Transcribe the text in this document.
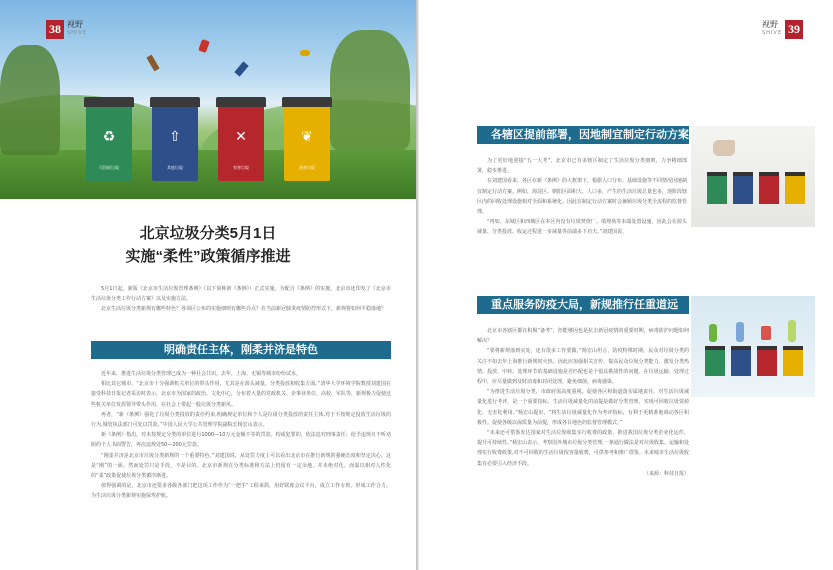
♻
可回收垃圾
⇧
其他垃圾
✕
有害垃圾
❦
厨余垃圾
38 视野
SHIVE
北京垃圾分类5月1日
实施“柔性”政策循序推进

5月1日起，新版《北京市生活垃圾管理条例》（以下简称新《条例》）正式实施。为配合《条例》的实施，北京市还印发了《北京市生活垃圾分类工作行动方案》以及实施方法。

北京生活垃圾分类新规有哪些特色？各项区公布的实施细则有哪些亮点？在当前新冠肺炎疫情防控形式下，新规将如何平稳落地？

明确责任主体，刚柔并济是特色

近年来，推进生活垃圾分类管理已成为一种社会共识。去年，上海、无锡等城市纷纷试水。

相比其它城市，“北京市十分强调机关单位的带头作用，尤其是在源头减量、分类投放和收集方面。”清华大学环境学院教授刘建国在接受科技日报记者采访时表示，北京市为国家的政治、文化中心，分布着大量的党政机关、企事业单位、高校、军队等，新规极力促使这些机关单位发挥领导带头作用，在社会上带起一股垃圾分类新风。

再者，“新《条例》强化了垃圾分类投放的责任约束,明确规定单位和个人是垃圾分类投放的责任主体,对于不按规定投放生活垃圾的行为,城管执法部门可处以罚款。”中国人民大学公共管理学院副院长杨宏山表示。

新《条例》指出，对未按规定分类的单位进行1000—10万元金额不等的罚款，构成犯罪的，依法追究刑事责任；给予违规且不听劝阻的个人书面警告，再次违规处50—200元罚款。

“刚柔并济是北京市垃圾分类新规的一个重要特色。”刘建国说，从处罚力度上可以看出北京市在推行新规的强硬态度和坚定决心。这是“刚”的一面。然而处罚只是手段，不是目的。北京市新规在分类标准和方法上仍留有一定余地，并未绝对化。而温以相对人性化的“柔”政策促使垃圾分类循序渐进。

值得强调的是，北京市还要求各级各部门把这项工作作为“一把手”工程来抓，用好联席会议平台，成立工作专班，形成工作合力，为生活垃圾分类新规实施保驾护航。

视野
SHIVE 39
各辖区提前部署，因地制宜制定行动方案

为了更好地迎接“五一大考”，北京市已有多辖区制定了生活垃圾分类细则，力争精细部署，稳步推进。

在刘建国看来，各区在新《条例》的大框架下，根据人口分布、基础设施等不同情况因地制宜制定行动方案。例如，海淀区、朝阳区面积大、人口多，产生的生活垃圾总量也多，现阶段辖区内的回收处理设施相对全面和系统化。因此在制定行动方案时会兼顾垃圾分类全流程的监督管理。

“再如，东城区和西城区在本区内没有垃圾焚烧厂、填埋场等末端处置设施，因此会在源头减量、分类投放、收运过程进一步减量等前端多下功夫。”刘建国说。

重点服务防疫大局，新规推行任重道远

北京市各辖区都在积极“备考”，但能够因也是抗击新冠疫情的重要时期，病毒防护问题如何解决？

“要将新规落到实处，还有很多工作要做。”杨宏山坦言，防疫特殊时期，民众对垃圾分类的关注不如去年上海推行新规时火热。因此应加强相关宣传，提高民众垃圾分类能力，激发分类热情。投放、中转、处理环节的基础设施是否匹配也是个很具挑战性的问题。在垃圾运输、处理过程中，应尽量做到及时消毒和封闭处理，避免细菌、病毒感染。

“为推进生活垃圾分类，市政府需高度重视。促使各区和街道落实属地责任。对生活垃圾减量化进行考评，是一个重要指标。生活垃圾减量化的前提是做好分类管理，实现可回收垃圾资源化，无害化利用。”杨宏山提出，“将生活垃圾减量化作为考评指标，有利于更精准地调动各区积极性。促使各级以保质量为前提，形成各目地色的监督管理模式。”

“未来还可借鉴发达国家对生活垃圾收集实行收费的政策，推进我国垃圾分类企业化运作，提升可持续性。”杨宏山表示，考察国外城市垃圾分类管理,一条通行做法是对垃圾收集、运输和处理实行收费政策,对不可回收的生活垃圾按容量收费，可供参考和推广借鉴。未来城市生活垃圾收集有必要引入经济手段。

（来源：科技日报）
